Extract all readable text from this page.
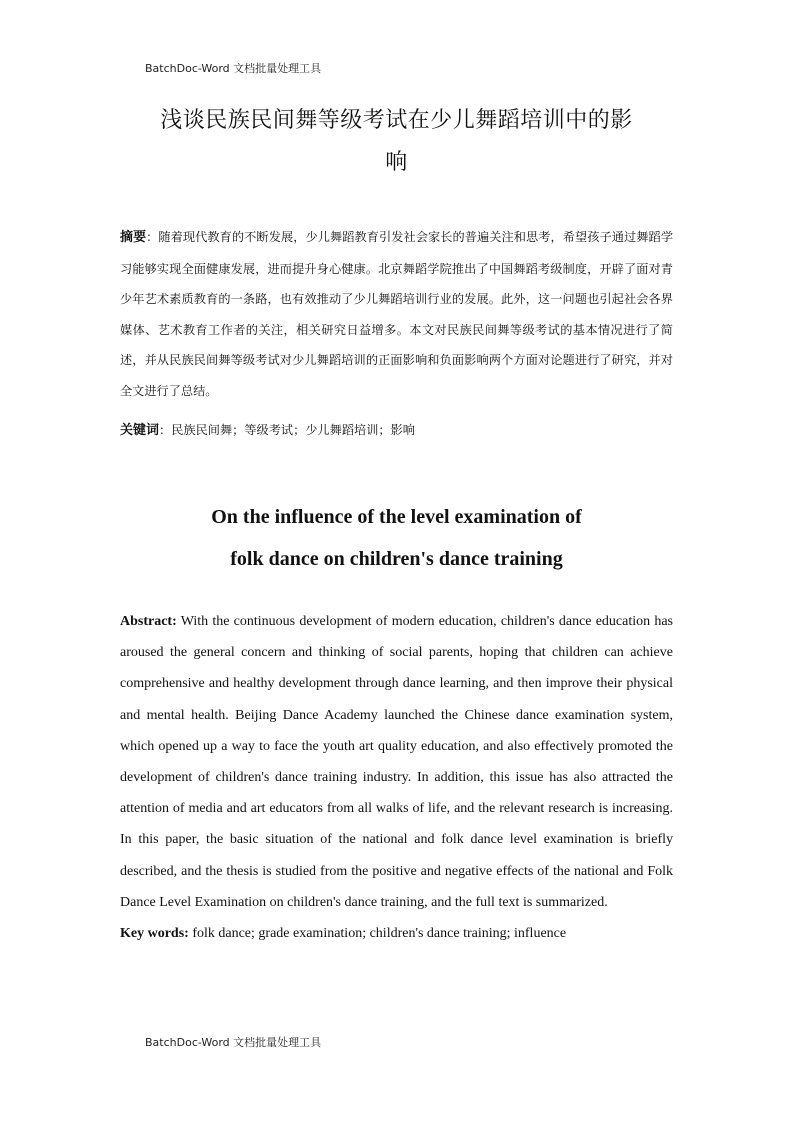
BatchDoc-Word 文档批量处理工具
浅谈民族民间舞等级考试在少儿舞蹈培训中的影
响
摘要：随着现代教育的不断发展，少儿舞蹈教育引发社会家长的普遍关注和思考，希望孩子通过舞蹈学习能够实现全面健康发展，进而提升身心健康。北京舞蹈学院推出了中国舞蹈考级制度，开辟了面对青少年艺术素质教育的一条路，也有效推动了少儿舞蹈培训行业的发展。此外，这一问题也引起社会各界媒体、艺术教育工作者的关注，相关研究日益增多。本文对民族民间舞等级考试的基本情况进行了简述，并从民族民间舞等级考试对少儿舞蹈培训的正面影响和负面影响两个方面对论题进行了研究，并对全文进行了总结。
关键词：民族民间舞；等级考试；少儿舞蹈培训；影响
On the influence of the level examination of
folk dance on children's dance training
Abstract: With the continuous development of modern education, children's dance education has aroused the general concern and thinking of social parents, hoping that children can achieve comprehensive and healthy development through dance learning, and then improve their physical and mental health. Beijing Dance Academy launched the Chinese dance examination system, which opened up a way to face the youth art quality education, and also effectively promoted the development of children's dance training industry. In addition, this issue has also attracted the attention of media and art educators from all walks of life, and the relevant research is increasing. In this paper, the basic situation of the national and folk dance level examination is briefly described, and the thesis is studied from the positive and negative effects of the national and Folk Dance Level Examination on children's dance training, and the full text is summarized.
Key words: folk dance; grade examination; children's dance training; influence
BatchDoc-Word 文档批量处理工具
